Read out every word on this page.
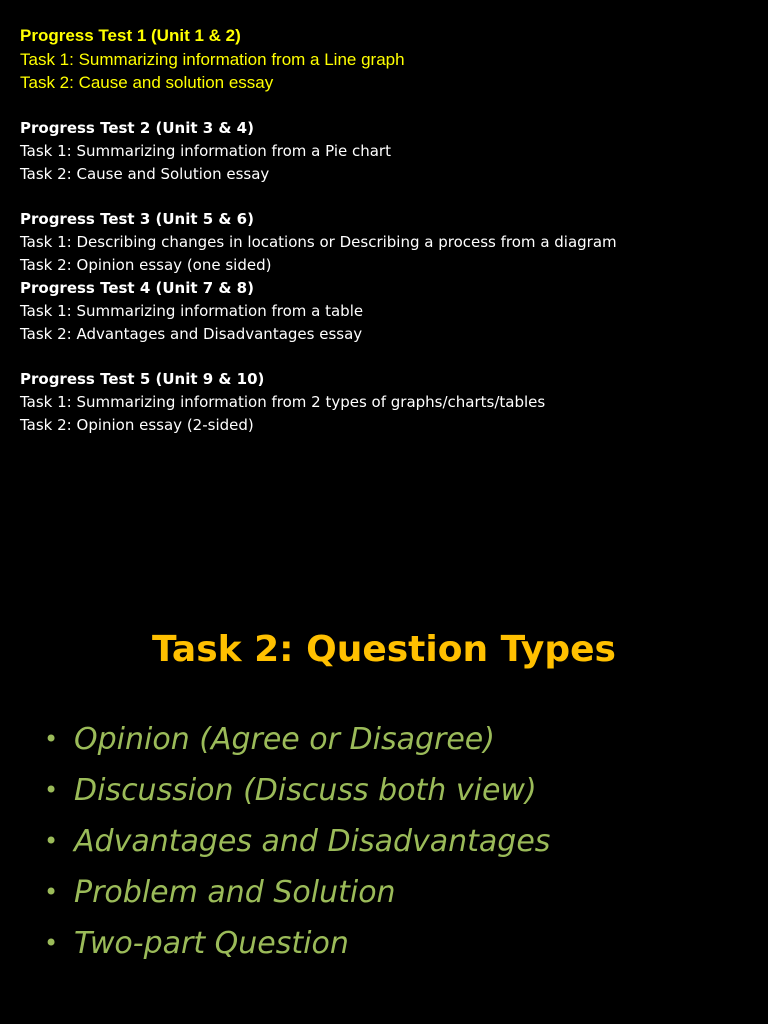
Progress Test 1 (Unit 1 & 2)
Task 1: Summarizing information from a Line graph
Task 2: Cause and solution essay
Progress Test 2 (Unit 3 & 4)
Task 1: Summarizing information from a Pie chart
Task 2: Cause and Solution essay
Progress Test 3 (Unit 5 & 6)
Task 1: Describing changes in locations or Describing a process from a diagram
Task 2: Opinion essay (one sided)
Progress Test 4 (Unit 7 & 8)
Task 1: Summarizing information from a table
Task 2: Advantages and Disadvantages essay
Progress Test 5 (Unit 9 & 10)
Task 1: Summarizing information from 2 types of graphs/charts/tables
Task 2: Opinion essay (2-sided)
Task 2: Question Types
• Opinion (Agree or Disagree)
• Discussion (Discuss both view)
• Advantages and Disadvantages
• Problem and Solution
• Two-part Question
